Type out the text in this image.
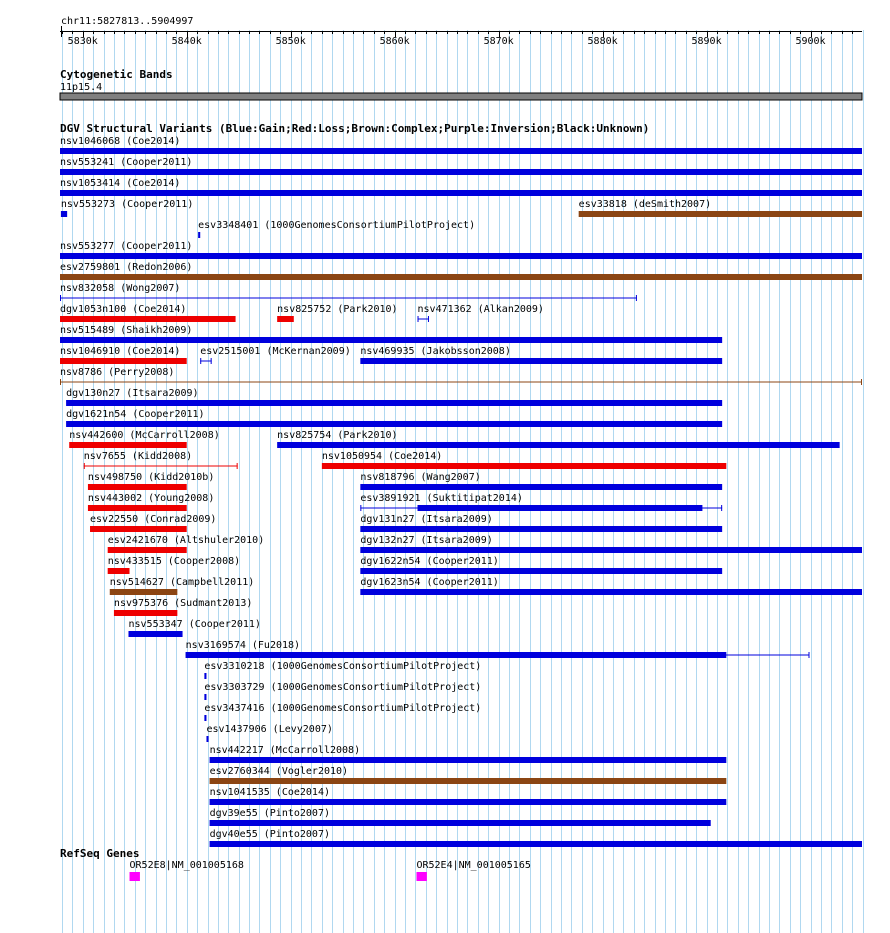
chr11:5827813..5904997
5830k	5840k	5850k	5860k	5870k	5880k	5890k	5900k
Cytogenetic Bands
11p15.4
DGV Structural Variants (Blue:Gain;Red:Loss;Brown:Complex;Purple:Inversion;Black:Unknown)
nsv1046068 (Coe2014)
nsv553241 (Cooper2011)
nsv1053414 (Coe2014)
nsv553273 (Cooper2011)
esv3348401 (1000GenomesConsortiumPilotProject)
esv33818 (deSmith2007)
nsv553277 (Cooper2011)
esv2759801 (Redon2006)
nsv832058 (Wong2007)
dgv1053n100 (Coe2014)	nsv825752 (Park2010) nsv471362 (Alkan2009)
nsv515489 (Shaikh2009)
nsv1046910 (Coe2014) esv2515001 (McKernan2009) nsv469935 (Jakobsson2008)
nsv8786 (Perry2008)
dgv130n27 (Itsara2009)
dgv1621n54 (Cooper2011)
nsv442600 (McCarroll2008)	nsv825754 (Park2010)
nsv7655 (Kidd2008)	nsv1050954 (Coe2014)
nsv498750 (Kidd2010b)	nsv818796 (Wang2007)
nsv443002 (Young2008)	esv3891921 (Suktitipat2014)
esv22550 (Conrad2009)	dgv131n27 (Itsara2009)
esv2421670 (Altshuler2010)	dgv132n27 (Itsara2009)
nsv433515 (Cooper2008)	dgv1622n54 (Cooper2011)
nsv514627 (Campbell2011)	dgv1623n54 (Cooper2011)
nsv975376 (Sudmant2013)
nsv553347 (Cooper2011)
nsv3169574 (Fu2018)
esv3310218 (1000GenomesConsortiumPilotProject)
esv3303729 (1000GenomesConsortiumPilotProject)
esv3437416 (1000GenomesConsortiumPilotProject)
esv1437906 (Levy2007)
nsv442217 (McCarroll2008)
esv2760344 (Vogler2010)
nsv1041535 (Coe2014)
dgv39e55 (Pinto2007)
dgv40e55 (Pinto2007)
RefSeq Genes
OR52E8|NM_001005168	OR52E4|NM_001005165
